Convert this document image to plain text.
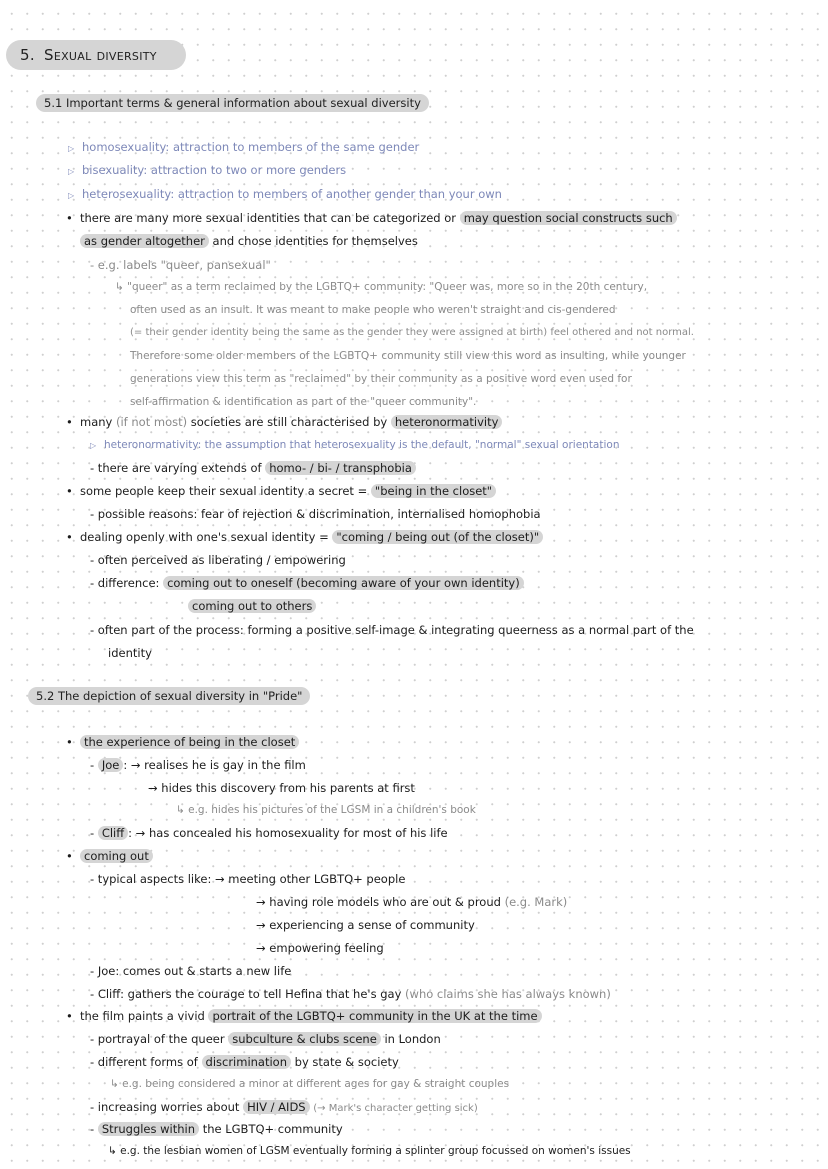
5. Sexual diversity
5.1 Important terms & general information about sexual diversity
▷ homosexuality: attraction to members of the same gender
▷ bisexuality: attraction to two or more genders
▷ heterosexuality: attraction to members of another gender than your own
• there are many more sexual identities that can be categorized or may question social constructs such
as gender altogether and chose identities for themselves
- e.g. labels "queer, pansexual"
↳ "queer" as a term reclaimed by the LGBTQ+ community: "Queer was, more so in the 20th century,
often used as an insult. It was meant to make people who weren't straight and cis-gendered
(= their gender identity being the same as the gender they were assigned at birth) feel othered and not normal.
Therefore some older members of the LGBTQ+ community still view this word as insulting, while younger
generations view this term as "reclaimed" by their community as a positive word even used for
self-affirmation & identification as part of the "queer community".
• many (if not most) societies are still characterised by heteronormativity
▷ heteronormativity: the assumption that heterosexuality is the default, "normal" sexual orientation
- there are varying extends of homo- / bi- / transphobia
• some people keep their sexual identity a secret = "being in the closet"
- possible reasons: fear of rejection & discrimination, internalised homophobia
• dealing openly with one's sexual identity = "coming / being out (of the closet)"
- often perceived as liberating / empowering
- difference: coming out to oneself (becoming aware of your own identity)
coming out to others
- often part of the process: forming a positive self-image & integrating queerness as a normal part of the
identity
5.2 The depiction of sexual diversity in "Pride"
• the experience of being in the closet
- Joe : → realises he is gay in the film
→ hides this discovery from his parents at first
↳ e.g. hides his pictures of the LGSM in a children's book
- Cliff : → has concealed his homosexuality for most of his life
• coming out
- typical aspects like: → meeting other LGBTQ+ people
→ having role models who are out & proud (e.g. Mark)
→ experiencing a sense of community
→ empowering feeling
- Joe: comes out & starts a new life
- Cliff: gathers the courage to tell Hefina that he's gay (who claims she has always known)
• the film paints a vivid portrait of the LGBTQ+ community in the UK at the time
- portrayal of the queer subculture & clubs scene in London
- different forms of discrimination by state & society
↳ e.g. being considered a minor at different ages for gay & straight couples
- increasing worries about HIV / AIDS (→ Mark's character getting sick)
- Struggles within the LGBTQ+ community
↳ e.g. the lesbian women of LGSM eventually forming a splinter group focussed on women's issues
